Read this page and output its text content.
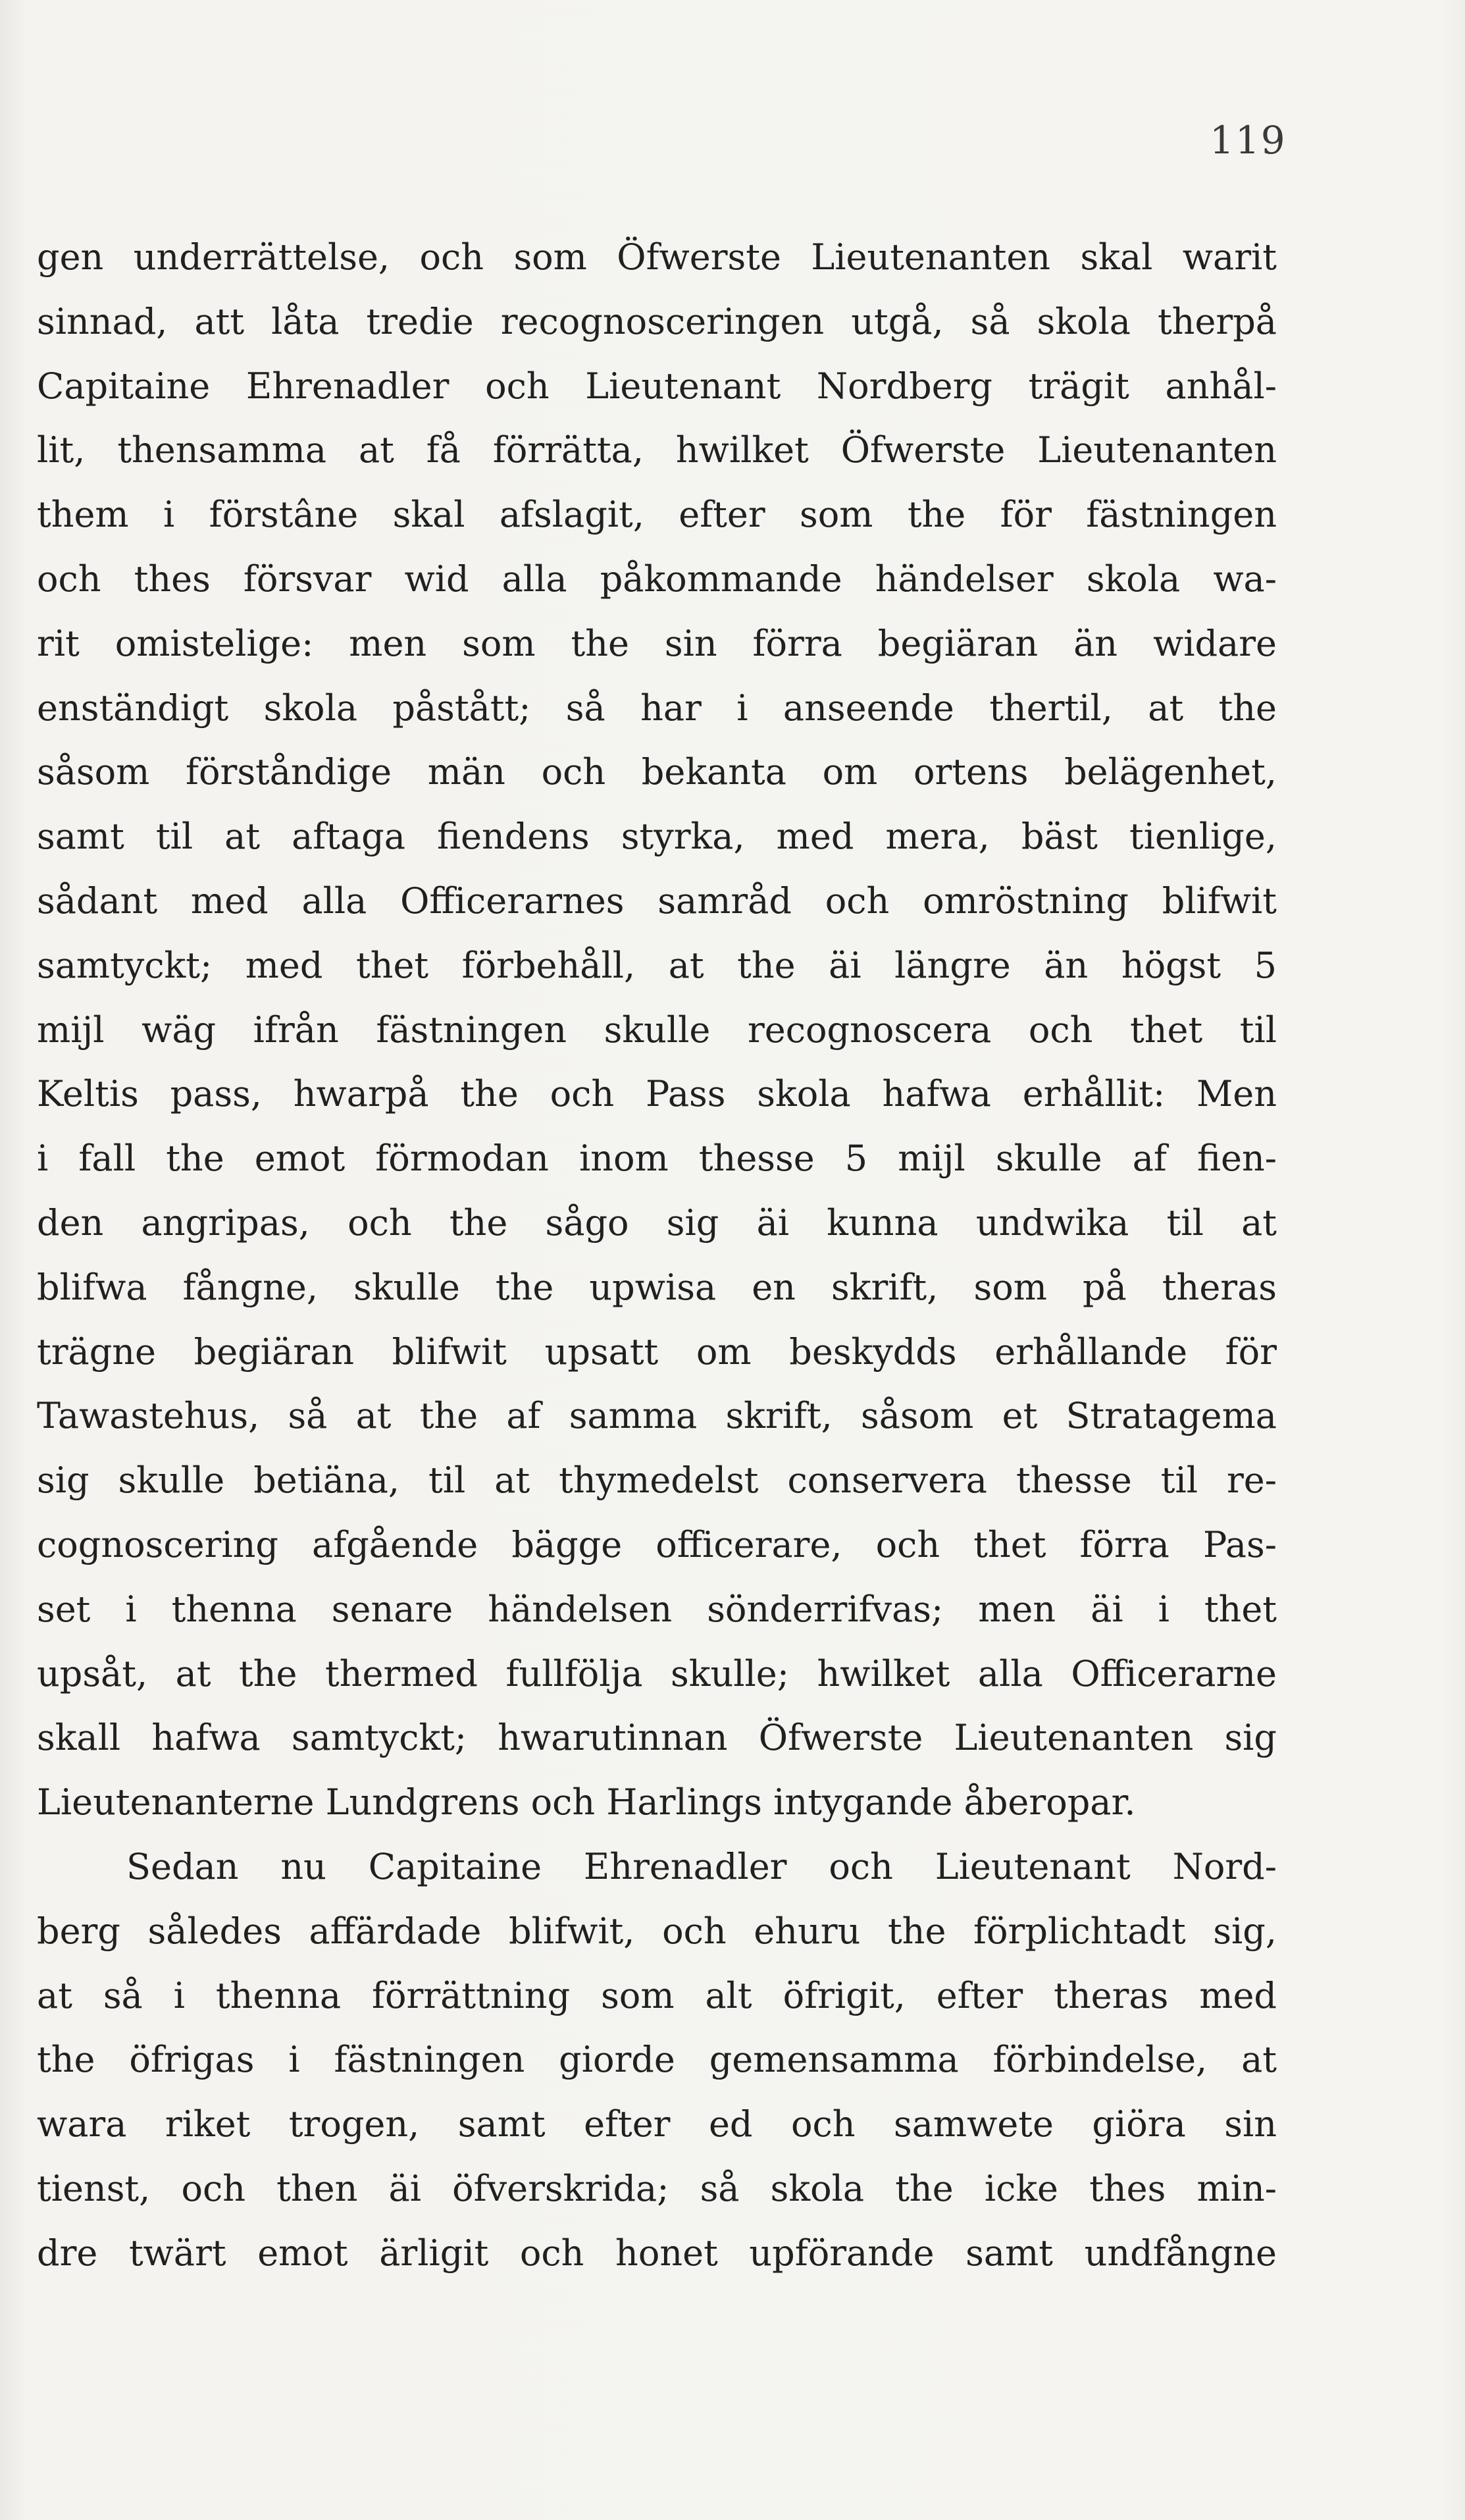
119
gen underrättelse, och som Öfwerste Lieutenanten skal warit
sinnad, att låta tredie recognosceringen utgå, så skola therpå
Capitaine Ehrenadler och Lieutenant Nordberg trägit anhål-
lit, thensamma at få förrätta, hwilket Öfwerste Lieutenanten
them i förstâne skal afslagit, efter som the för fästningen
och thes försvar wid alla påkommande händelser skola wa-
rit omistelige: men som the sin förra begiäran än widare
enständigt skola påstått; så har i anseende thertil, at the
såsom förståndige män och bekanta om ortens belägenhet,
samt til at aftaga fiendens styrka, med mera, bäst tienlige,
sådant med alla Officerarnes samråd och omröstning blifwit
samtyckt; med thet förbehåll, at the äi längre än högst 5
mijl wäg ifrån fästningen skulle recognoscera och thet til
Keltis pass, hwarpå the och Pass skola hafwa erhållit: Men
i fall the emot förmodan inom thesse 5 mijl skulle af fien-
den angripas, och the sågo sig äi kunna undwika til at
blifwa fångne, skulle the upwisa en skrift, som på theras
trägne begiäran blifwit upsatt om beskydds erhållande för
Tawastehus, så at the af samma skrift, såsom et Stratagema
sig skulle betiäna, til at thymedelst conservera thesse til re-
cognoscering afgående bägge officerare, och thet förra Pas-
set i thenna senare händelsen sönderrifvas; men äi i thet
upsåt, at the thermed fullfölja skulle; hwilket alla Officerarne
skall hafwa samtyckt; hwarutinnan Öfwerste Lieutenanten sig
Lieutenanterne Lundgrens och Harlings intygande åberopar.
Sedan nu Capitaine Ehrenadler och Lieutenant Nord-
berg således affärdade blifwit, och ehuru the förplichtadt sig,
at så i thenna förrättning som alt öfrigit, efter theras med
the öfrigas i fästningen giorde gemensamma förbindelse, at
wara riket trogen, samt efter ed och samwete giöra sin
tienst, och then äi öfverskrida; så skola the icke thes min-
dre twärt emot ärligit och honet upförande samt undfångne
